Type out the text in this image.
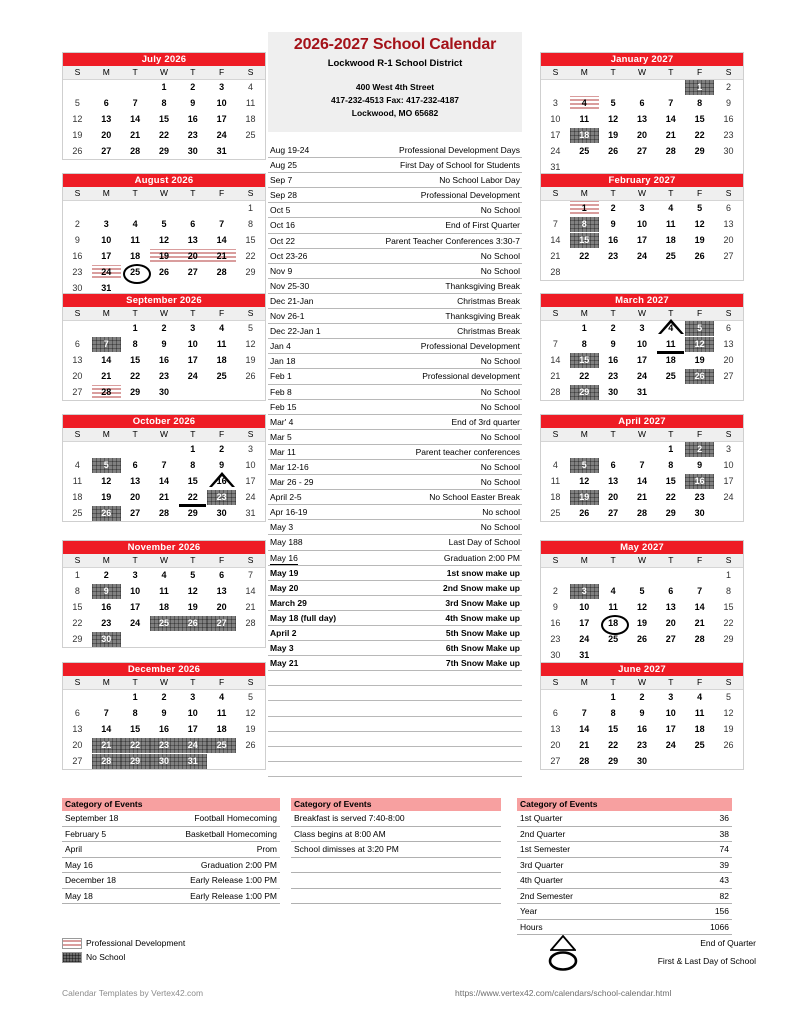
2026-2027 School Calendar
Lockwood R-1 School District
400 West 4th Street
417-232-4513 Fax: 417-232-4187
Lockwood, MO 65682
July 2026
S	M	T	W	T	F	S

			1	2	3	4

5	6	7	8	9	10	11

12	13	14	15	16	17	18

19	20	21	22	23	24	25

26	27	28	29	30	31	

August 2026
S	M	T	W	T	F	S

						1

2	3	4	5	6	7	8

9	10	11	12	13	14	15

16	17	18	19	20	21	22

23	24	25	26	27	28	29

30	31					

September 2026
S	M	T	W	T	F	S

		1	2	3	4	5

6	7	8	9	10	11	12

13	14	15	16	17	18	19

20	21	22	23	24	25	26

27	28	29	30			

October 2026
S	M	T	W	T	F	S

				1	2	3

4	5	6	7	8	9	10

11	12	13	14	15	16	17

18	19	20	21	22	23	24

25	26	27	28	29	30	31
November 2026
S	M	T	W	T	F	S

1	2	3	4	5	6	7

8	9	10	11	12	13	14

15	16	17	18	19	20	21

22	23	24	25	26	27	28

29	30					

December 2026
S	M	T	W	T	F	S

		1	2	3	4	5

6	7	8	9	10	11	12

13	14	15	16	17	18	19

20	21	22	23	24	25	26

27	28	29	30	31		

January 2027
S	M	T	W	T	F	S

					1	2

3	4	5	6	7	8	9

10	11	12	13	14	15	16

17	18	19	20	21	22	23

24	25	26	27	28	29	30

31						

February 2027
S	M	T	W	T	F	S

	1	2	3	4	5	6

7	8	9	10	11	12	13

14	15	16	17	18	19	20

21	22	23	24	25	26	27

28						

March 2027
S	M	T	W	T	F	S

	1	2	3	4	5	6

7	8	9	10	11	12	13

14	15	16	17	18	19	20

21	22	23	24	25	26	27

28	29	30	31			

April 2027
S	M	T	W	T	F	S

				1	2	3

4	5	6	7	8	9	10

11	12	13	14	15	16	17

18	19	20	21	22	23	24

25	26	27	28	29	30	

May 2027
S	M	T	W	T	F	S

						1

2	3	4	5	6	7	8

9	10	11	12	13	14	15

16	17	18	19	20	21	22

23	24	25	26	27	28	29

30	31					

June 2027
S	M	T	W	T	F	S

		1	2	3	4	5

6	7	8	9	10	11	12

13	14	15	16	17	18	19

20	21	22	23	24	25	26

27	28	29	30			

Aug 19-24	Professional Development Days
Aug 25	First Day of School for Students
Sep 7	No School Labor Day
Sep 28	Professional Development
Oct 5	No School
Oct 16	End of First Quarter
Oct 22	Parent Teacher Conferences 3:30-7
Oct 23-26	No School
Nov 9	No School
Nov 25-30	Thanksgiving Break
Dec 21-Jan	Christmas Break
Nov 26-1	Thanksgiving Break
Dec 22-Jan 1	Christmas Break
Jan 4	Professional Development
Jan 18	No School
Feb 1	Professional development
Feb 8	No School
Feb 15	No School
Mar' 4	End of 3rd quarter
Mar 5	No School
Mar 11	Parent teacher conferences
Mar 12-16	No School
Mar 26 - 29	No School
April 2-5	No School Easter Break
Apr 16-19	No school
May 3	No School
May 188	Last Day of School
May 16	Graduation 2:00 PM
May 19	1st snow make up
May 20	2nd Snow make up
March 29	3rd Snow Make up
May 18 (full day)	4th Snow make up
April 2	5th Snow Make up
May 3	6th Snow Make up
May 21	7th Snow Make up

Category of Events
September 18	Football Homecoming
February 5	Basketball Homecoming
April	Prom
May 16	Graduation 2:00 PM
December 18	Early Release 1:00 PM
May 18	Early Release 1:00 PM
Category of Events
Breakfast is served 7:40-8:00

Class begins at 8:00 AM

School dimisses at 3:20 PM

Category of Events
1st Quarter	36
2nd Quarter	38
1st Semester	74
3rd Quarter	39
4th Quarter	43
2nd Semester	82
Year	156
Hours	1066
Professional Development
No School
End of Quarter
First & Last Day of School
Calendar Templates by Vertex42.com	https://www.vertex42.com/calendars/school-calendar.html
